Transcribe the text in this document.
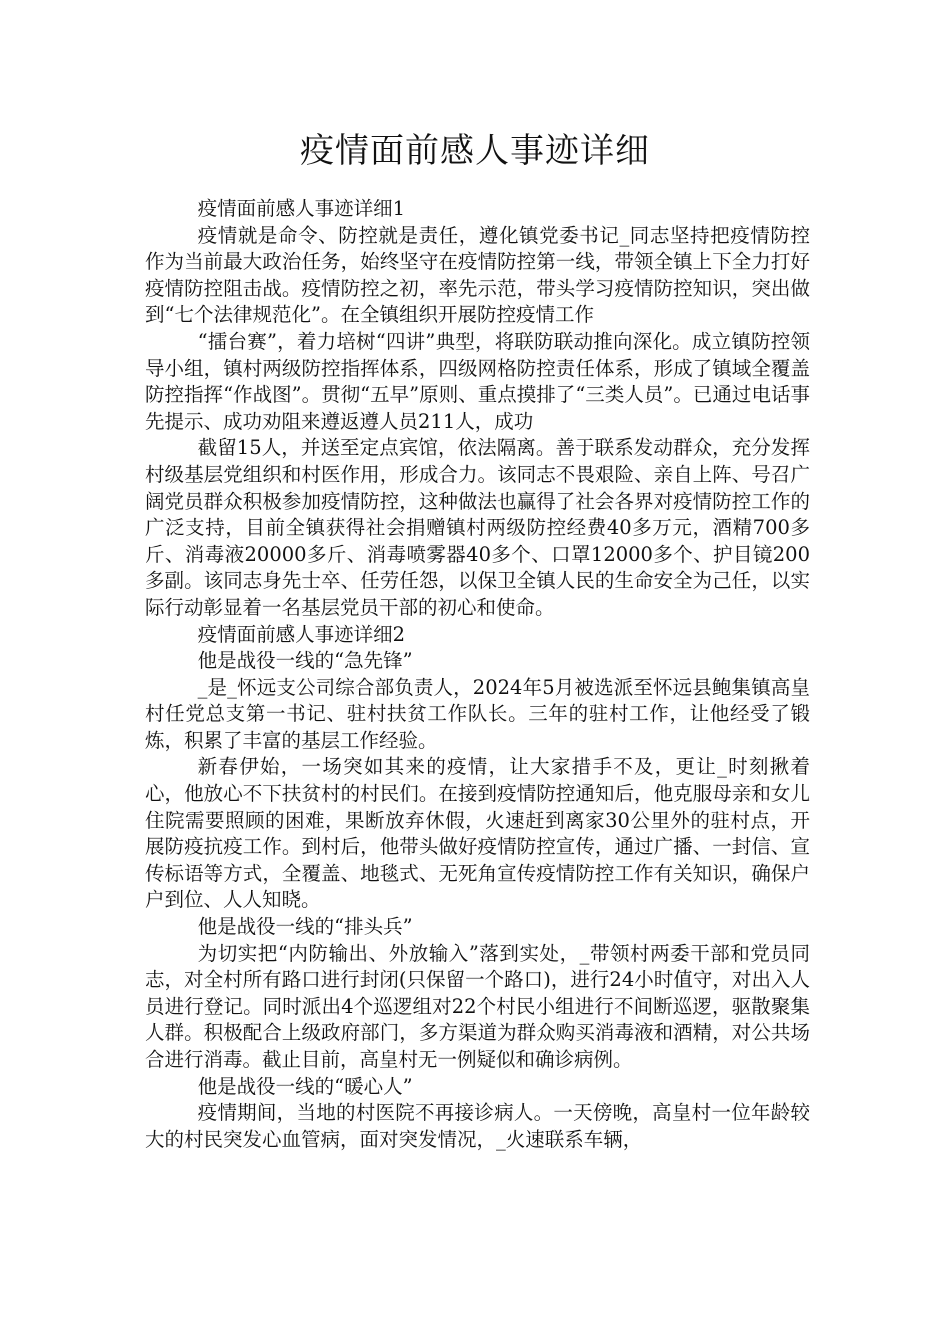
疫情面前感人事迹详细

疫情面前感人事迹详细1

疫情就是命令、防控就是责任，遵化镇党委书记_同志坚持把疫情防控作为当前最大政治任务，始终坚守在疫情防控第一线，带领全镇上下全力打好疫情防控阻击战。疫情防控之初，率先示范，带头学习疫情防控知识，突出做到“七个法律规范化”。在全镇组织开展防控疫情工作

“擂台赛”，着力培树“四讲”典型，将联防联动推向深化。成立镇防控领导小组，镇村两级防控指挥体系，四级网格防控责任体系，形成了镇域全覆盖防控指挥“作战图”。贯彻“五早”原则、重点摸排了“三类人员”。已通过电话事先提示、成功劝阻来遵返遵人员211人，成功

截留15人，并送至定点宾馆，依法隔离。善于联系发动群众，充分发挥村级基层党组织和村医作用，形成合力。该同志不畏艰险、亲自上阵、号召广阔党员群众积极参加疫情防控，这种做法也赢得了社会各界对疫情防控工作的广泛支持，目前全镇获得社会捐赠镇村两级防控经费40多万元，酒精700多斤、消毒液20000多斤、消毒喷雾器40多个、口罩12000多个、护目镜200多副。该同志身先士卒、任劳任怨，以保卫全镇人民的生命安全为己任，以实际行动彰显着一名基层党员干部的初心和使命。

疫情面前感人事迹详细2

他是战役一线的“急先锋”

_是_怀远支公司综合部负责人，2024年5月被选派至怀远县鲍集镇高皇村任党总支第一书记、驻村扶贫工作队长。三年的驻村工作，让他经受了锻炼，积累了丰富的基层工作经验。

新春伊始，一场突如其来的疫情，让大家措手不及，更让_时刻揪着心，他放心不下扶贫村的村民们。在接到疫情防控通知后，他克服母亲和女儿住院需要照顾的困难，果断放弃休假，火速赶到离家30公里外的驻村点，开展防疫抗疫工作。到村后，他带头做好疫情防控宣传，通过广播、一封信、宣传标语等方式，全覆盖、地毯式、无死角宣传疫情防控工作有关知识，确保户户到位、人人知晓。

他是战役一线的“排头兵”

为切实把“内防输出、外放输入”落到实处，_带领村两委干部和党员同志，对全村所有路口进行封闭(只保留一个路口)，进行24小时值守，对出入人员进行登记。同时派出4个巡逻组对22个村民小组进行不间断巡逻，驱散聚集人群。积极配合上级政府部门，多方渠道为群众购买消毒液和酒精，对公共场合进行消毒。截止目前，高皇村无一例疑似和确诊病例。

他是战役一线的“暖心人”

疫情期间，当地的村医院不再接诊病人。一天傍晚，高皇村一位年龄较大的村民突发心血管病，面对突发情况，_火速联系车辆，
